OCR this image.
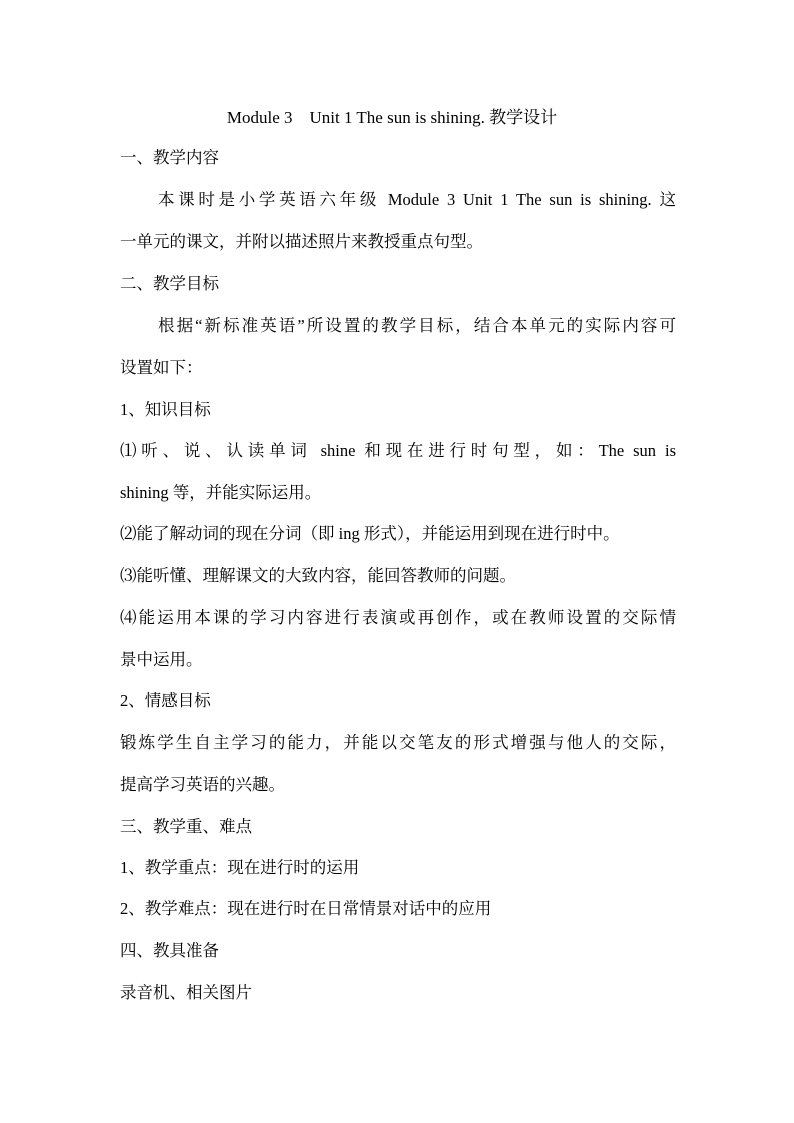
Module 3    Unit 1 The sun is shining. 教学设计
一、教学内容
本课时是小学英语六年级 Module 3 Unit 1 The sun is shining. 这
一单元的课文，并附以描述照片来教授重点句型。
二、教学目标
根据“新标准英语”所设置的教学目标，结合本单元的实际内容可
设置如下：
1、知识目标
⑴听、说、认读单词 shine 和现在进行时句型，如：The sun is
shining 等，并能实际运用。
⑵能了解动词的现在分词（即 ing 形式），并能运用到现在进行时中。
⑶能听懂、理解课文的大致内容，能回答教师的问题。
⑷能运用本课的学习内容进行表演或再创作，或在教师设置的交际情
景中运用。
2、情感目标
锻炼学生自主学习的能力，并能以交笔友的形式增强与他人的交际，
提高学习英语的兴趣。
三、教学重、难点
1、教学重点：现在进行时的运用
2、教学难点：现在进行时在日常情景对话中的应用
四、教具准备
录音机、相关图片
